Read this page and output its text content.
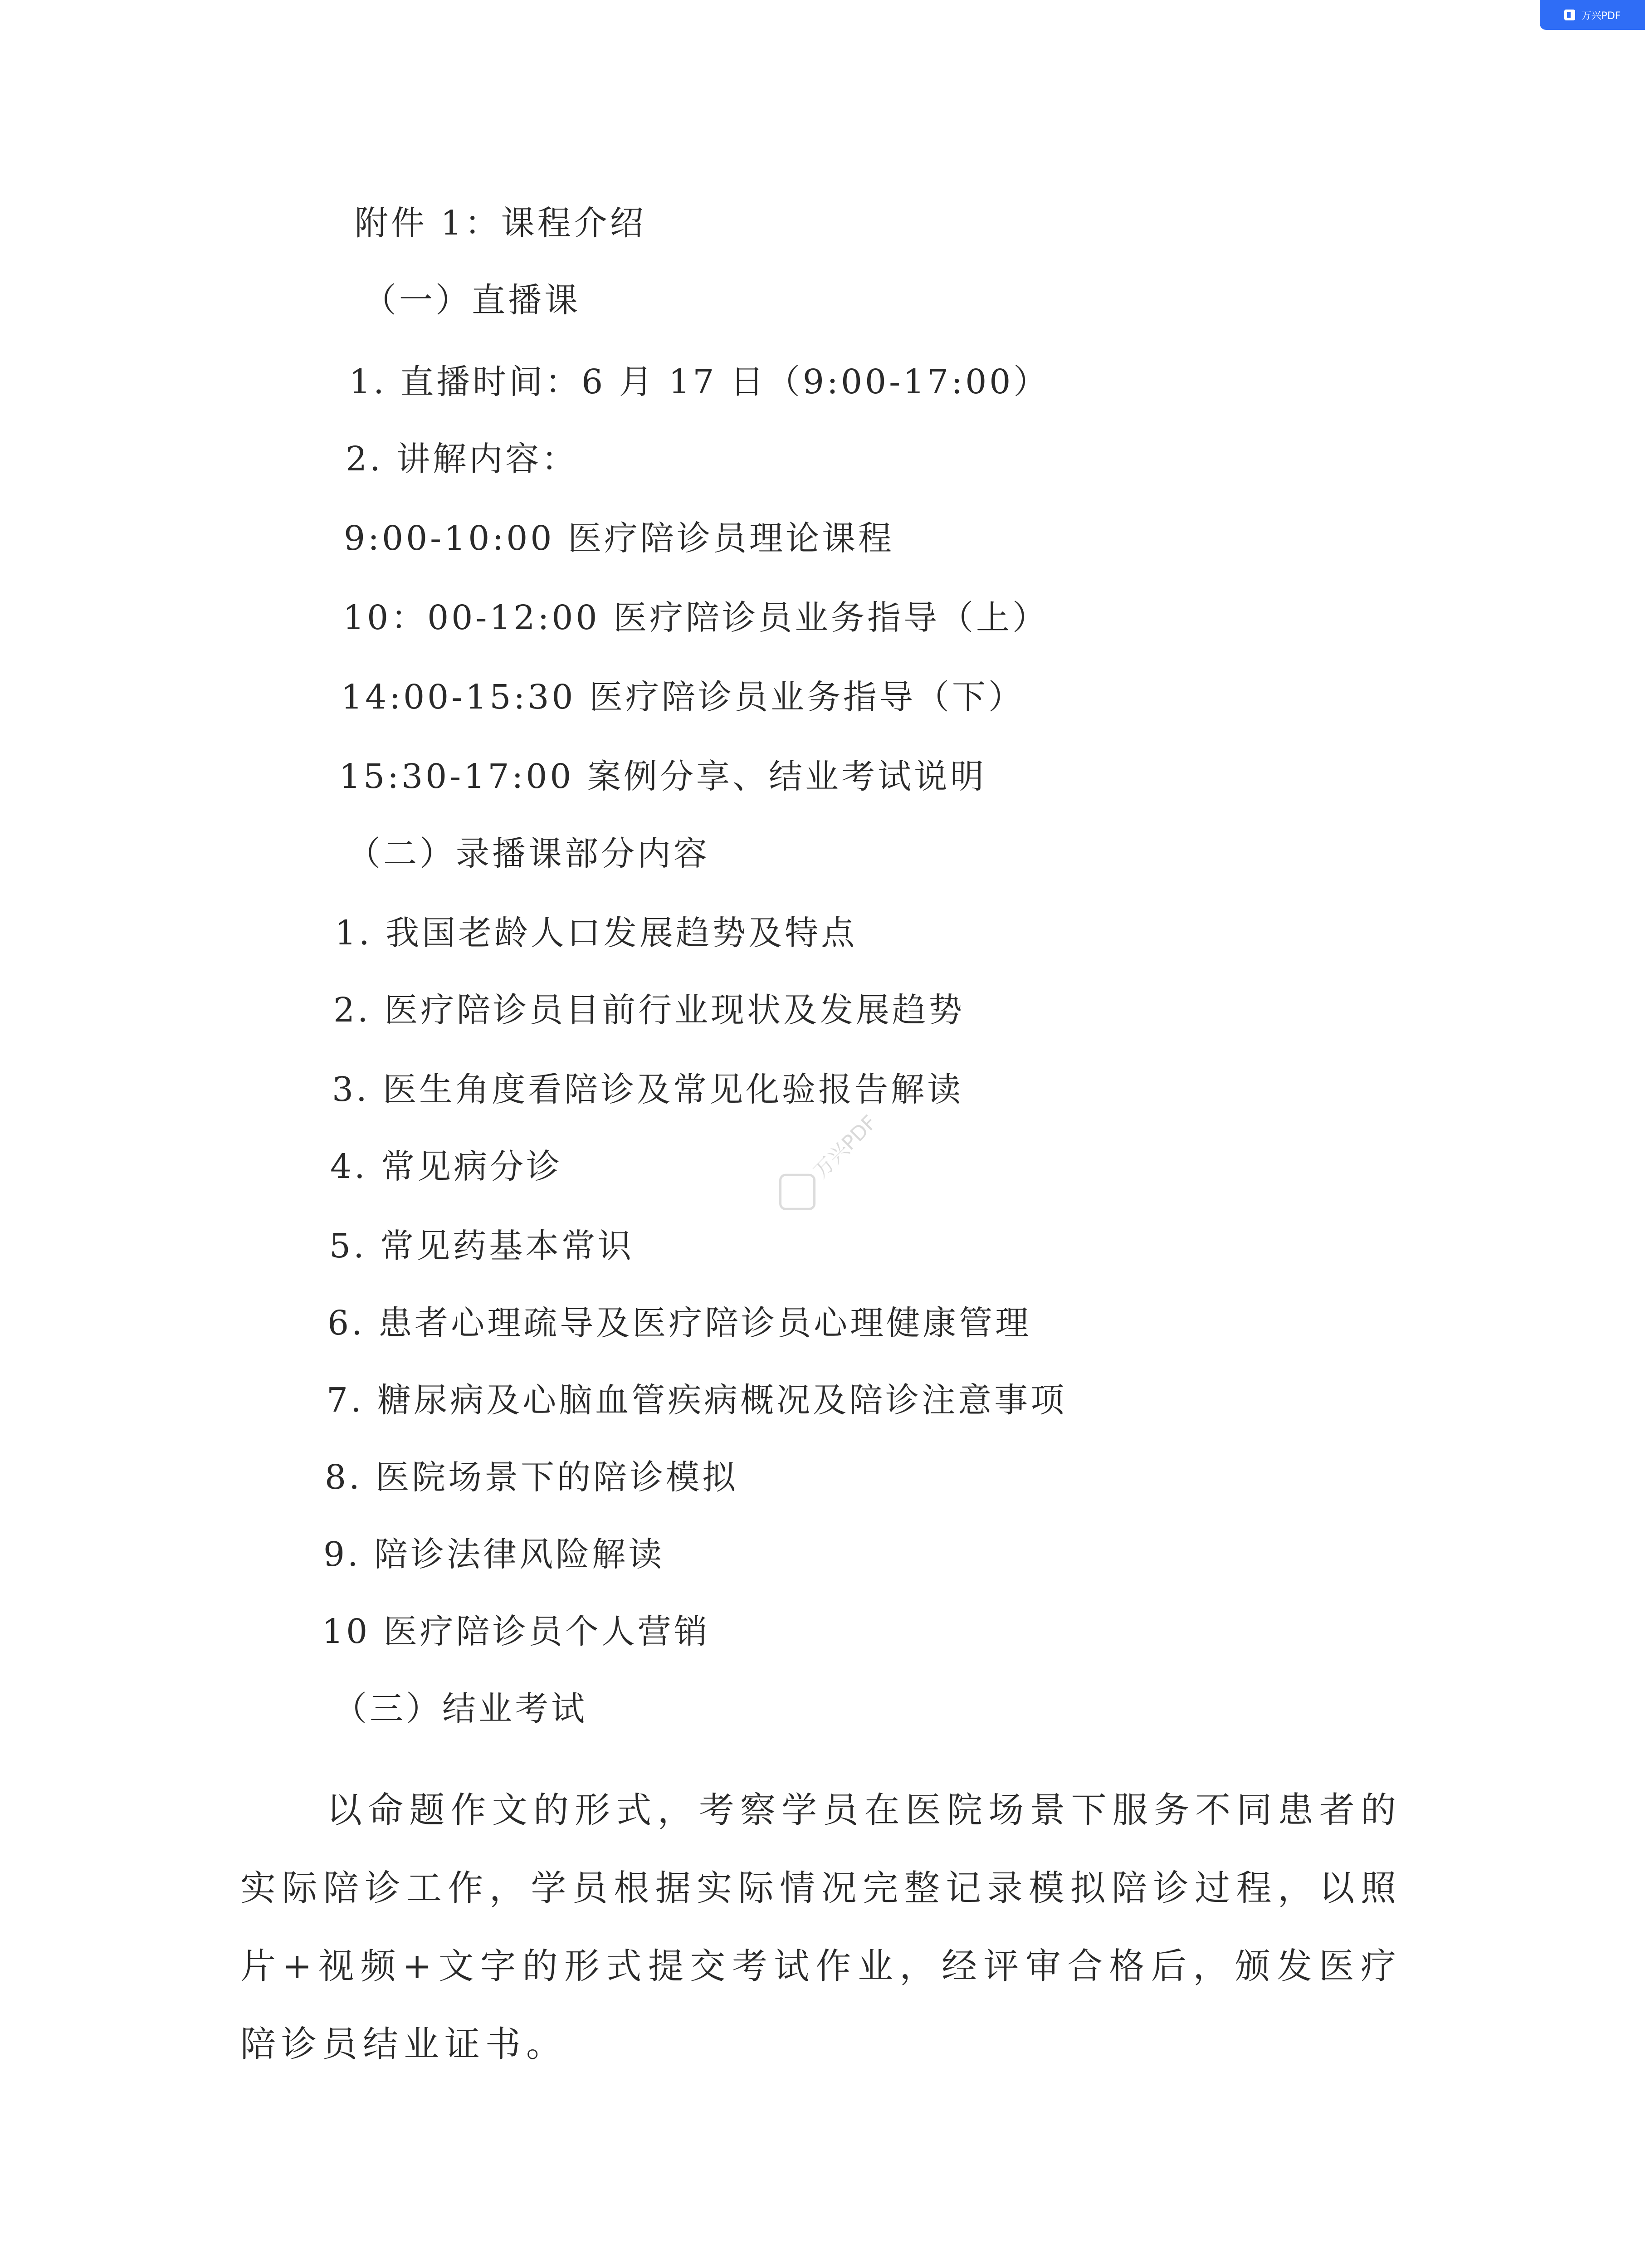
万兴PDF
万兴PDF
附件 1：课程介绍
（一）直播课
1. 直播时间：6 月 17 日（9:00-17:00）
2. 讲解内容：
9:00-10:00 医疗陪诊员理论课程
10：00-12:00 医疗陪诊员业务指导（上）
14:00-15:30 医疗陪诊员业务指导（下）
15:30-17:00 案例分享、结业考试说明
（二）录播课部分内容
1. 我国老龄人口发展趋势及特点
2. 医疗陪诊员目前行业现状及发展趋势
3. 医生角度看陪诊及常见化验报告解读
4. 常见病分诊
5. 常见药基本常识
6. 患者心理疏导及医疗陪诊员心理健康管理
7. 糖尿病及心脑血管疾病概况及陪诊注意事项
8. 医院场景下的陪诊模拟
9. 陪诊法律风险解读
10 医疗陪诊员个人营销
（三）结业考试
以命题作文的形式，考察学员在医院场景下服务不同患者的实际陪诊工作，学员根据实际情况完整记录模拟陪诊过程，以照片+视频+文字的形式提交考试作业，经评审合格后，颁发医疗陪诊员结业证书。
